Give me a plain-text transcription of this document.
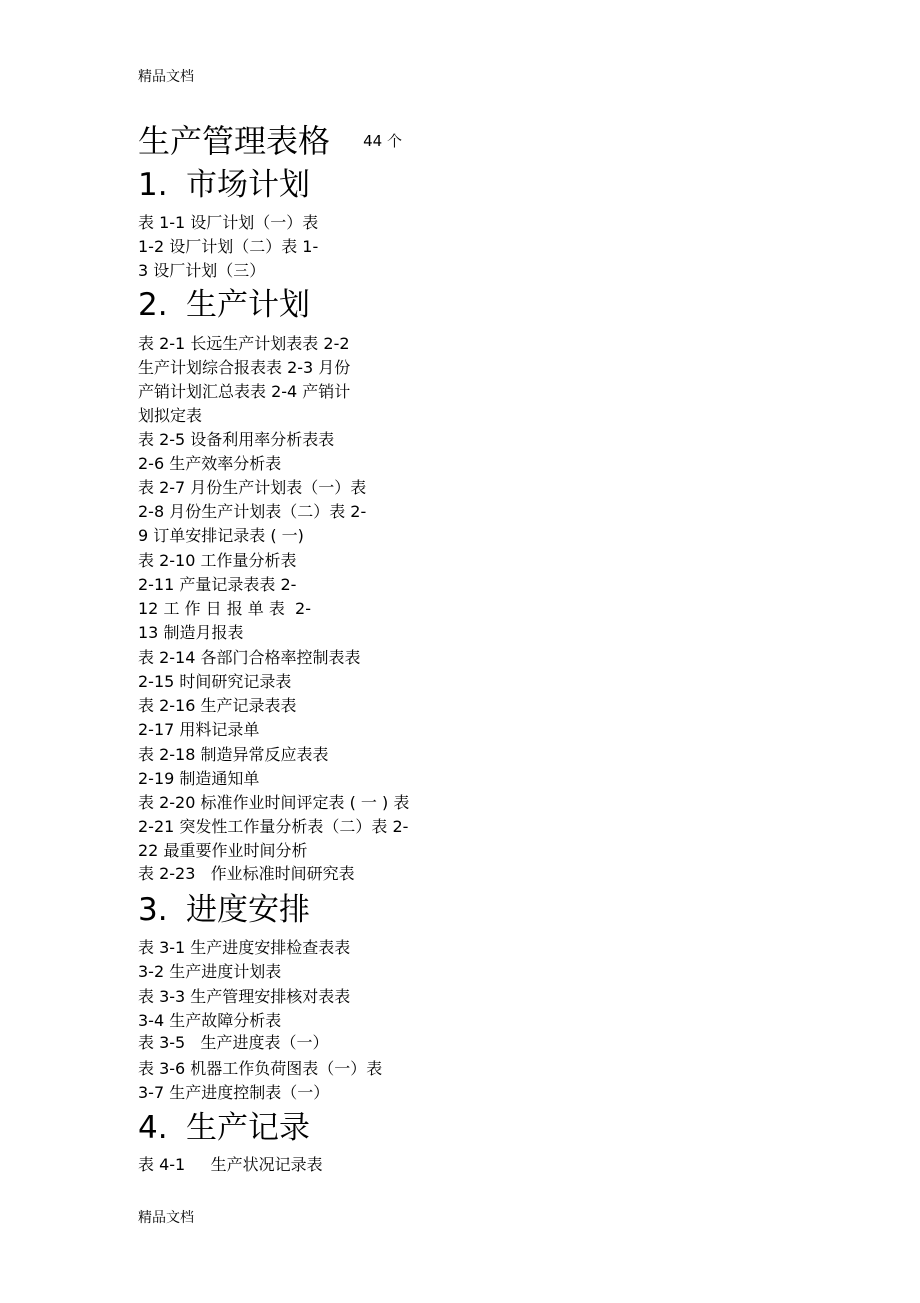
精品文档
生产管理表格 44 个
1. 市场计划
表 1-1 设厂计划（一）表
1-2 设厂计划（二）表 1-
3 设厂计划（三）
2. 生产计划
表 2-1 长远生产计划表表 2-2
生产计划综合报表表 2-3 月份
产销计划汇总表表 2-4 产销计
划拟定表
表 2-5 设备利用率分析表表
2-6 生产效率分析表
表 2-7 月份生产计划表（一）表
2-8 月份生产计划表（二）表 2-
9 订单安排记录表 ( 一)
表 2-10 工作量分析表
2-11 产量记录表表 2-
12 工 作 日 报 单 表  2-
13 制造月报表
表 2-14 各部门合格率控制表表
2-15 时间研究记录表
表 2-16 生产记录表表
2-17 用料记录单
表 2-18 制造异常反应表表
2-19 制造通知单
表 2-20 标准作业时间评定表 ( 一 ) 表
2-21 突发性工作量分析表（二）表 2-
22 最重要作业时间分析
表 2-23   作业标准时间研究表
3. 进度安排
表 3-1 生产进度安排检查表表
3-2 生产进度计划表
表 3-3 生产管理安排核对表表
3-4 生产故障分析表
表 3-5   生产进度表（一）
表 3-6 机器工作负荷图表（一）表
3-7 生产进度控制表（一）
4. 生产记录
表 4-1     生产状况记录表
精品文档
